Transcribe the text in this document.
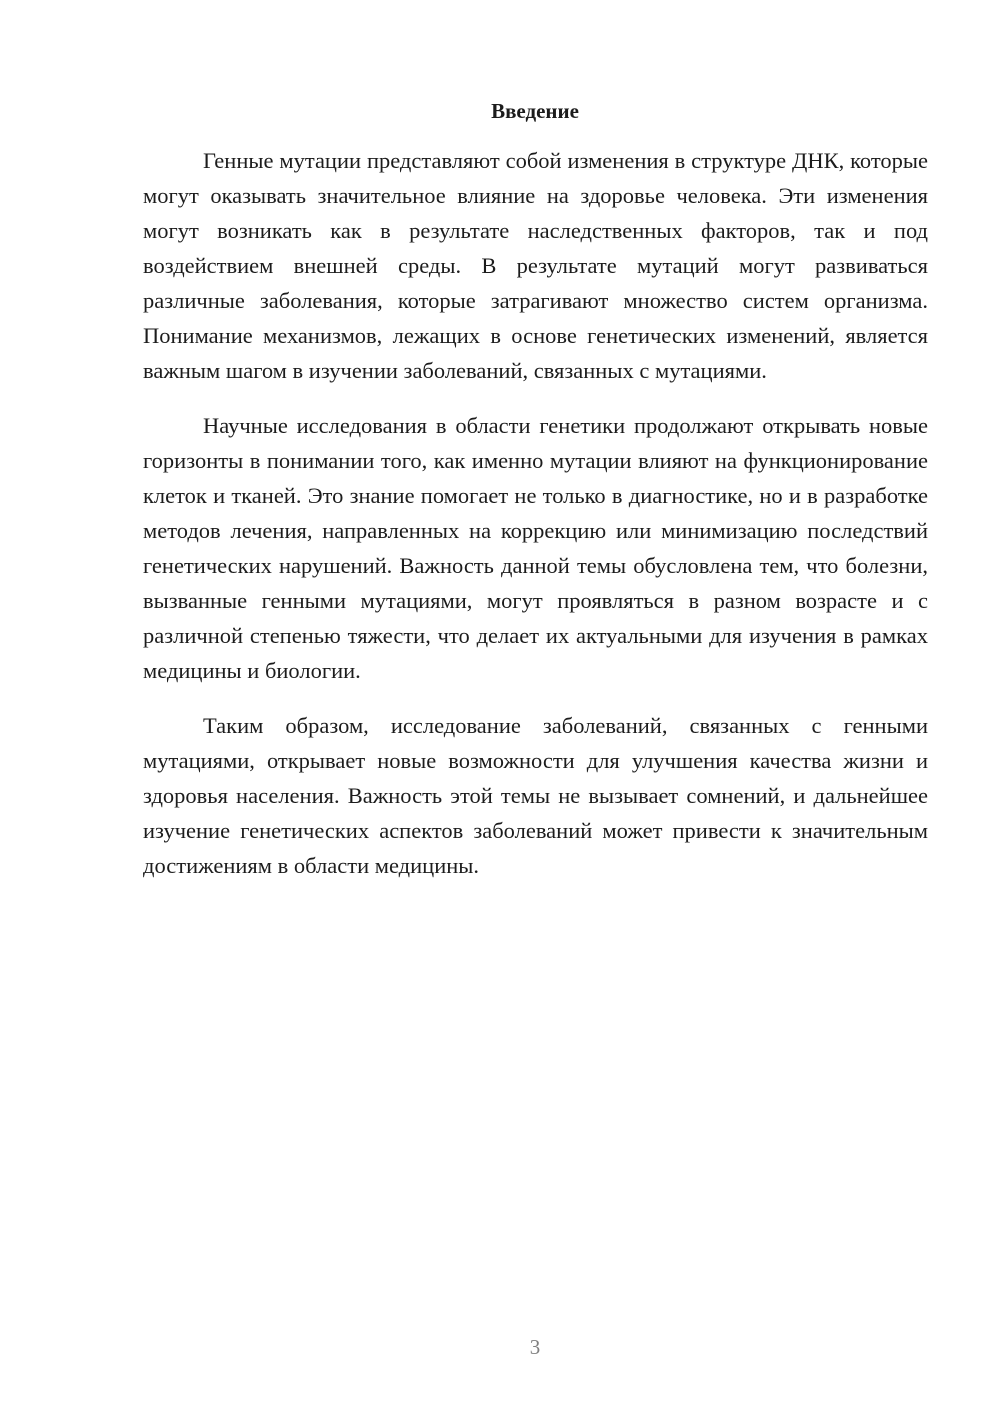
Введение

Генные мутации представляют собой изменения в структуре ДНК, которые могут оказывать значительное влияние на здоровье человека. Эти изменения могут возникать как в результате наследственных факторов, так и под воздействием внешней среды. В результате мутаций могут развиваться различные заболевания, которые затрагивают множество систем организма. Понимание механизмов, лежащих в основе генетических изменений, является важным шагом в изучении заболеваний, связанных с мутациями.

Научные исследования в области генетики продолжают открывать новые горизонты в понимании того, как именно мутации влияют на функционирование клеток и тканей. Это знание помогает не только в диагностике, но и в разработке методов лечения, направленных на коррекцию или минимизацию последствий генетических нарушений. Важность данной темы обусловлена тем, что болезни, вызванные генными мутациями, могут проявляться в разном возрасте и с различной степенью тяжести, что делает их актуальными для изучения в рамках медицины и биологии.

Таким образом, исследование заболеваний, связанных с генными мутациями, открывает новые возможности для улучшения качества жизни и здоровья населения. Важность этой темы не вызывает сомнений, и дальнейшее изучение генетических аспектов заболеваний может привести к значительным достижениям в области медицины.

3
